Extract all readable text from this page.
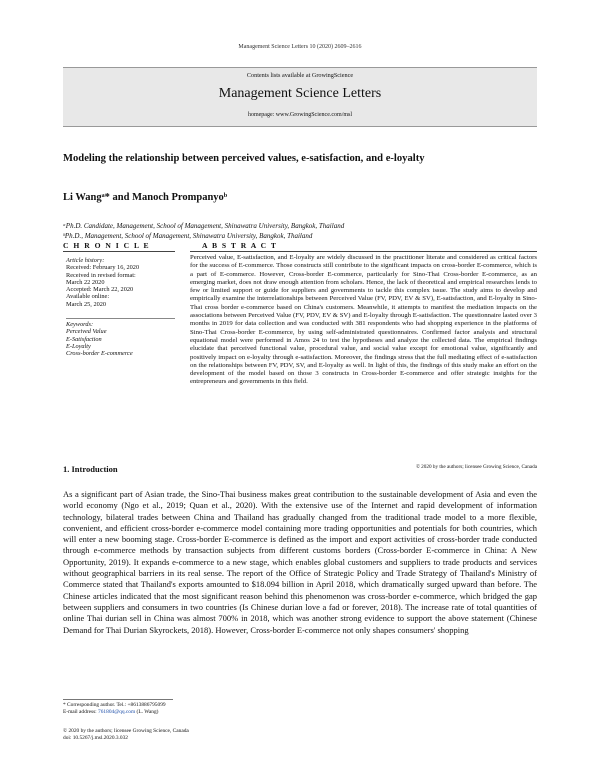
Management Science Letters 10 (2020) 2609–2616
Contents lists available at GrowingScience
Management Science Letters
homepage: www.GrowingScience.com/msl
Modeling the relationship between perceived values, e-satisfaction, and e-loyalty
Li Wangᵃ* and Manoch Prompanyoᵇ
ᵃPh.D. Candidate, Management, School of Management, Shinawatra University, Bangkok, Thailand
ᵇPh.D., Management, School of Management, Shinawatra University, Bangkok, Thailand
C H R O N I C L E	A B S T R A C T
Article history:
Received: February 16, 2020
Received in revised format:
March 22 2020
Accepted: March 22, 2020
Available online:
March 25, 2020
Keywords:
Perceived Value
E-Satisfaction
E-Loyalty
Cross-border E-commerce
Perceived value, E-satisfaction, and E-loyalty are widely discussed in the practitioner literate and considered as critical factors for the success of E-commerce. Those constructs still contribute to the significant impacts on cross-border E-commerce, which is a part of E-commerce. However, Cross-border E-commerce, particularly for Sino-Thai Cross-border E-commerce, as an emerging market, does not draw enough attention from scholars. Hence, the lack of theoretical and empirical researches lends to few or limited support or guide for suppliers and governments to tackle this complex issue. The study aims to develop and empirically examine the interrelationships between Perceived Value (FV, PDV, EV & SV), E-satisfaction, and E-loyalty in Sino-Thai cross border e-commerce based on China's customers. Meanwhile, it attempts to manifest the mediation impacts on the associations between Perceived Value (FV, PDV, EV & SV) and E-loyalty through E-satisfaction. The questionnaire lasted over 3 months in 2019 for data collection and was conducted with 381 respondents who had shopping experience in the platforms of Sino-Thai Cross-border E-commerce, by using self-administrated questionnaires. Confirmed factor analysis and structural equational model were performed in Amos 24 to test the hypotheses and analyze the collected data. The empirical findings elucidate that perceived functional value, procedural value, and social value except for emotional value, significantly and positively impact on e-loyalty through e-satisfaction. Moreover, the findings stress that the full mediating effect of e-satisfaction on the relationships between FV, PDV, SV, and E-loyalty as well. In light of this, the findings of this study make an effort on the development of the model based on those 3 constructs in Cross-border E-commerce and offer strategic insights for the entrepreneurs and governments in this field.
© 2020 by the authors; licensee Growing Science, Canada
1. Introduction

As a significant part of Asian trade, the Sino-Thai business makes great contribution to the sustainable development of Asia and even the world economy (Ngo et al., 2019; Quan et al., 2020). With the extensive use of the Internet and rapid development of information technology, bilateral trades between China and Thailand has gradually changed from the traditional trade model to a more flexible, convenient, and efficient cross-border e-commerce model containing more trading opportunities and potentials for both countries, which will enter a new booming stage. Cross-border E-commerce is defined as the import and export activities of cross-border trade conducted through e-commerce methods by transaction subjects from different customs borders (Cross-border E-commerce in China: A New Opportunity, 2019). It expands e-commerce to a new stage, which enables global customers and suppliers to trade products and services without geographical barriers in its real sense. The report of the Office of Strategic Policy and Trade Strategy of Thailand's Ministry of Commerce stated that Thailand's exports amounted to $18.094 billion in April 2018, which dramatically surged upward than before. The Chinese articles indicated that the most significant reason behind this phenomenon was cross-border e-commerce, which bridged the gap between suppliers and consumers in two countries (Is Chinese durian love a fad or forever, 2018). The increase rate of total quantities of online Thai durian sell in China was almost 700% in 2018, which was another strong evidence to support the above statement (Chinese Demand for Thai Durian Skyrockets, 2018). However, Cross-border E-commerce not only shapes consumers' shopping

* Corresponding author. Tel.: +8613886795099
E-mail address: 761804@qq.com (L. Wang)
© 2020 by the authors; licensee Growing Science, Canada
doi: 10.5267/j.msl.2020.3.032
